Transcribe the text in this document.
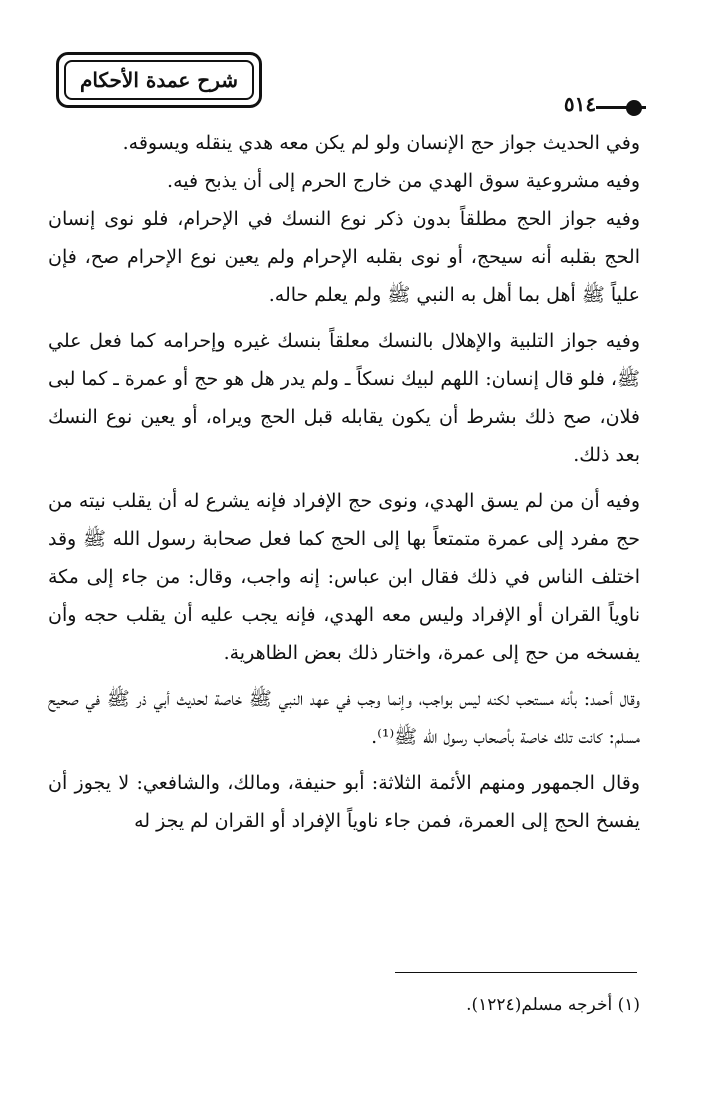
شرح عمدة الأحكام
٥١٤

وفي الحديث جواز حج الإنسان ولو لم يكن معه هدي ينقله ويسوقه.

وفيه مشروعية سوق الهدي من خارج الحرم إلى أن يذبح فيه.

وفيه جواز الحج مطلقاً بدون ذكر نوع النسك في الإحرام، فلو نوى إنسان الحج بقلبه أنه سيحج، أو نوى بقلبه الإحرام ولم يعين نوع الإحرام صح، فإن علياً ﷺ أهل بما أهل به النبي ﷺ ولم يعلم حاله.

وفيه جواز التلبية والإهلال بالنسك معلقاً بنسك غيره وإحرامه كما فعل علي ﷺ، فلو قال إنسان: اللهم لبيك نسكاً ـ ولم يدر هل هو حج أو عمرة ـ كما لبى فلان، صح ذلك بشرط أن يكون يقابله قبل الحج ويراه، أو يعين نوع النسك بعد ذلك.

وفيه أن من لم يسق الهدي، ونوى حج الإفراد فإنه يشرع له أن يقلب نيته من حج مفرد إلى عمرة متمتعاً بها إلى الحج كما فعل صحابة رسول الله ﷺ وقد اختلف الناس في ذلك فقال ابن عباس: إنه واجب، وقال: من جاء إلى مكة ناوياً القران أو الإفراد وليس معه الهدي، فإنه يجب عليه أن يقلب حجه وأن يفسخه من حج إلى عمرة، واختار ذلك بعض الظاهرية.

وقال أحمد: بأنه مستحب لكنه ليس بواجب، وإنما وجب في عهد النبي ﷺ خاصة لحديث أبي ذر ﷺ في صحيح مسلم: كانت تلك خاصة بأصحاب رسول الله ﷺ⁽¹⁾.

وقال الجمهور ومنهم الأئمة الثلاثة: أبو حنيفة، ومالك، والشافعي: لا يجوز أن يفسخ الحج إلى العمرة، فمن جاء ناوياً الإفراد أو القران لم يجز له

(١) أخرجه مسلم(١٢٢٤).
